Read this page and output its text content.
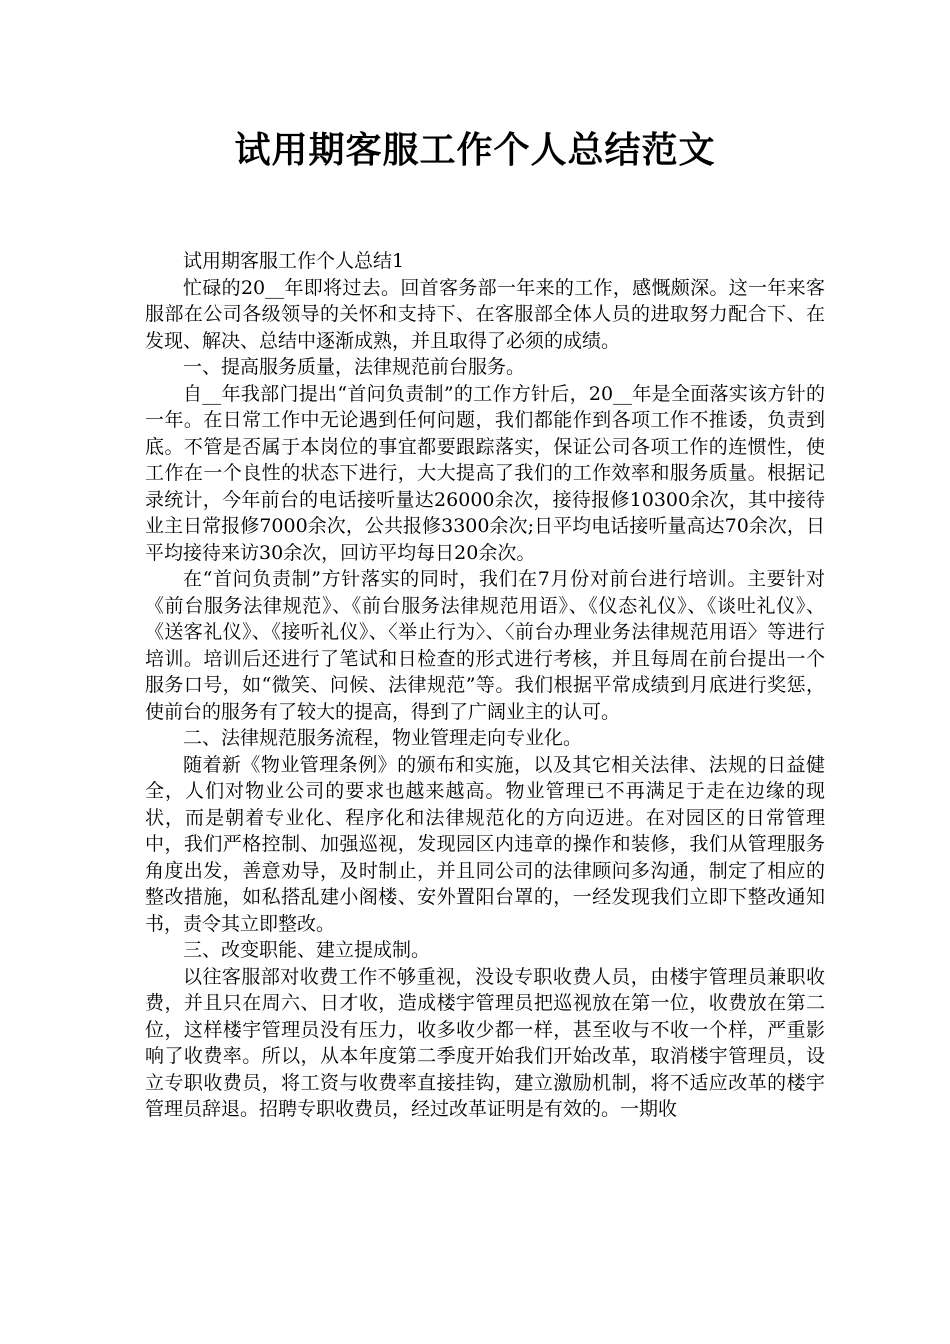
试用期客服工作个人总结范文

试用期客服工作个人总结1

忙碌的20__年即将过去。回首客务部一年来的工作，感慨颇深。这一年来客服部在公司各级领导的关怀和支持下、在客服部全体人员的进取努力配合下、在发现、解决、总结中逐渐成熟，并且取得了必须的成绩。

一、提高服务质量，法律规范前台服务。

自__年我部门提出“首问负责制”的工作方针后，20__年是全面落实该方针的一年。在日常工作中无论遇到任何问题，我们都能作到各项工作不推诿，负责到底。不管是否属于本岗位的事宜都要跟踪落实，保证公司各项工作的连惯性，使工作在一个良性的状态下进行，大大提高了我们的工作效率和服务质量。根据记录统计，今年前台的电话接听量达26000余次，接待报修10300余次，其中接待业主日常报修7000余次，公共报修3300余次;日平均电话接听量高达70余次，日平均接待来访30余次，回访平均每日20余次。

在“首问负责制”方针落实的同时，我们在7月份对前台进行培训。主要针对《前台服务法律规范》、《前台服务法律规范用语》、《仪态礼仪》、《谈吐礼仪》、《送客礼仪》、《接听礼仪》、〈举止行为〉、〈前台办理业务法律规范用语〉等进行培训。培训后还进行了笔试和日检查的形式进行考核，并且每周在前台提出一个服务口号，如“微笑、问候、法律规范”等。我们根据平常成绩到月底进行奖惩，使前台的服务有了较大的提高，得到了广阔业主的认可。

二、法律规范服务流程，物业管理走向专业化。

随着新《物业管理条例》的颁布和实施，以及其它相关法律、法规的日益健全，人们对物业公司的要求也越来越高。物业管理已不再满足于走在边缘的现状，而是朝着专业化、程序化和法律规范化的方向迈进。在对园区的日常管理中，我们严格控制、加强巡视，发现园区内违章的操作和装修，我们从管理服务角度出发，善意劝导，及时制止，并且同公司的法律顾问多沟通，制定了相应的整改措施，如私搭乱建小阁楼、安外置阳台罩的，一经发现我们立即下整改通知书，责令其立即整改。

三、改变职能、建立提成制。

以往客服部对收费工作不够重视，没设专职收费人员，由楼宇管理员兼职收费，并且只在周六、日才收，造成楼宇管理员把巡视放在第一位，收费放在第二位，这样楼宇管理员没有压力，收多收少都一样，甚至收与不收一个样，严重影响了收费率。所以，从本年度第二季度开始我们开始改革，取消楼宇管理员，设立专职收费员，将工资与收费率直接挂钩，建立激励机制，将不适应改革的楼宇管理员辞退。招聘专职收费员，经过改革证明是有效的。一期收
